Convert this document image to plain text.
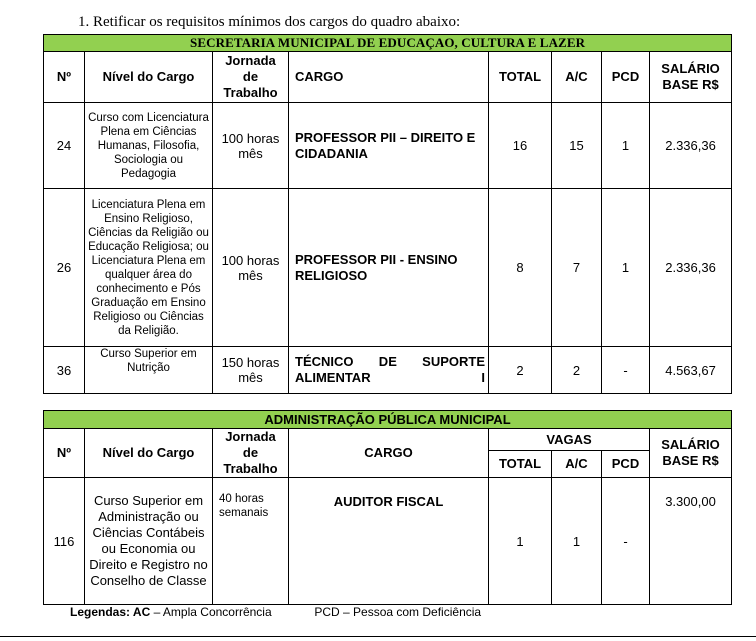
1. Retificar os requisitos mínimos dos cargos do quadro abaixo:
SECRETARIA MUNICIPAL DE EDUCAÇAO, CULTURA E LAZER							
Nº	Nível do Cargo	Jornada de Trabalho	CARGO	TOTAL	A/C	PCD	SALÁRIO BASE R$
24	Curso com Licenciatura Plena em Ciências Humanas, Filosofia, Sociologia ou Pedagogia	100 horas mês	PROFESSOR PII – DIREITO E CIDADANIA	16	15	1	2.336,36
26	Licenciatura Plena em Ensino Religioso, Ciências da Religião ou Educação Religiosa; ou Licenciatura Plena em qualquer área do conhecimento e Pós Graduação em Ensino Religioso ou Ciências da Religião.	100 horas mês	PROFESSOR PII - ENSINO RELIGIOSO	8	7	1	2.336,36
36	Curso Superior em Nutrição	150 horas mês	TÉCNICO DE SUPORTE ALIMENTAR I	2	2	-	4.563,67
ADMINISTRAÇÃO PÚBLICA MUNICIPAL							
Nº	Nível do Cargo	Jornada de Trabalho	CARGO	VAGAS			SALÁRIO BASE R$
				TOTAL	A/C	PCD	
116	Curso Superior em Administração ou Ciências Contábeis ou Economia ou Direito e Registro no Conselho de Classe	40 horas semanais	AUDITOR FISCAL	1	1	-	3.300,00
Legendas: AC – Ampla Concorrência	PCD – Pessoa com Deficiência
